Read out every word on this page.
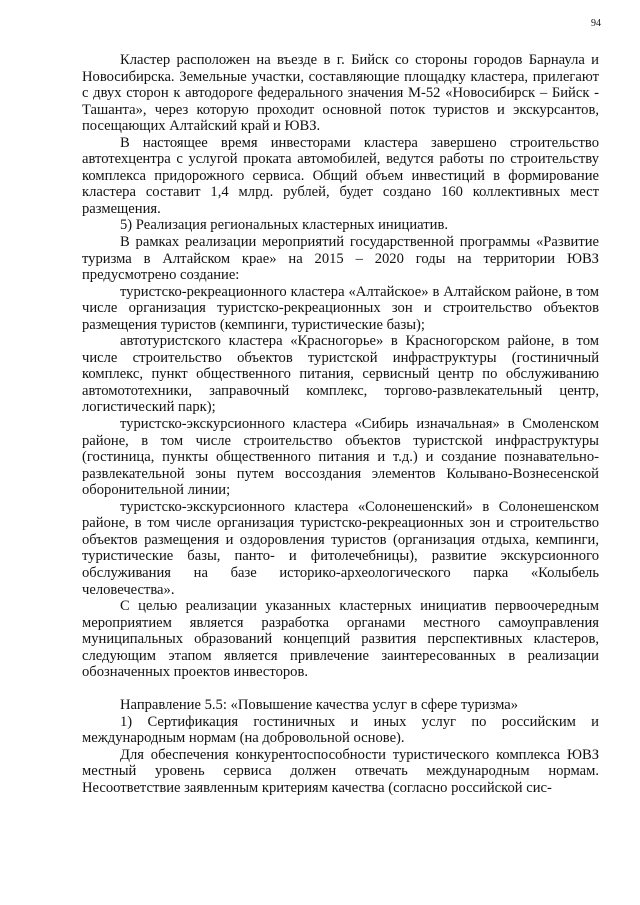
94

Кластер расположен на въезде в г. Бийск со стороны городов Барнаула и Новосибирска. Земельные участки, составляющие площадку кластера, прилегают с двух сторон к автодороге федерального значения М-52 «Новосибирск – Бийск - Ташанта», через которую проходит основной поток туристов и экскурсантов, посещающих Алтайский край и ЮВЗ.

В настоящее время инвесторами кластера завершено строительство автотехцентра с услугой проката автомобилей, ведутся работы по строительству комплекса придорожного сервиса. Общий объем инвестиций в формирование кластера составит 1,4 млрд. рублей, будет создано 160 коллективных мест размещения.

5) Реализация региональных кластерных инициатив.

В рамках реализации мероприятий государственной программы «Развитие туризма в Алтайском крае» на 2015 – 2020 годы на территории ЮВЗ предусмотрено создание:

туристско-рекреационного кластера «Алтайское» в Алтайском районе, в том числе организация туристско-рекреационных зон и строительство объектов размещения туристов (кемпинги, туристические базы);

автотуристского кластера «Красногорье» в Красногорском районе, в том числе строительство объектов туристской инфраструктуры (гостиничный комплекс, пункт общественного питания, сервисный центр по обслуживанию автомототехники, заправочный комплекс, торгово-развлекательный центр, логистический парк);

туристско-экскурсионного кластера «Сибирь изначальная» в Смоленском районе, в том числе строительство объектов туристской инфраструктуры (гостиница, пункты общественного питания и т.д.) и создание познавательно-развлекательной зоны путем воссоздания элементов Колывано-Вознесенской оборонительной линии;

туристско-экскурсионного кластера «Солонешенский» в Солонешенском районе, в том числе организация туристско-рекреационных зон и строительство объектов размещения и оздоровления туристов (организация отдыха, кемпинги, туристические базы, панто- и фитолечебницы), развитие экскурсионного обслуживания на базе историко-археологического парка «Колыбель человечества».

С целью реализации указанных кластерных инициатив первоочередным мероприятием является разработка органами местного самоуправления муниципальных образований концепций развития перспективных кластеров, следующим этапом является привлечение заинтересованных в реализации обозначенных проектов инвесторов.

Направление 5.5: «Повышение качества услуг в сфере туризма»

1) Сертификация гостиничных и иных услуг по российским и международным нормам (на добровольной основе).

Для обеспечения конкурентоспособности туристического комплекса ЮВЗ местный уровень сервиса должен отвечать международным нормам. Несоответствие заявленным критериям качества (согласно российской сис-
